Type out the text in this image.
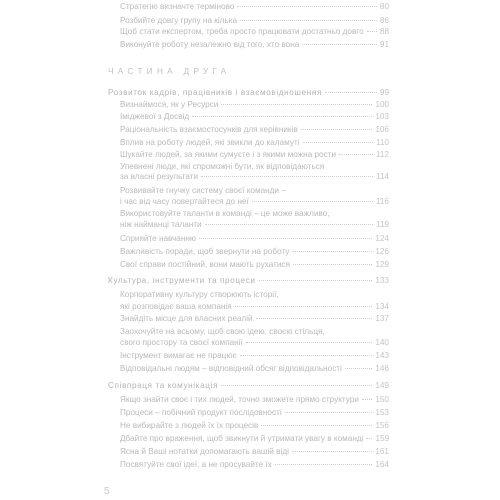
Стратегію визначте терміново	80
Розбийте довгу групу на кілька	86
Щоб стати експертом, треба просто працювати достатньо довго 88
Виконуйте роботу незалежно від того, хто вона	91
ЧАСТИНА ДРУГА
Розвиток кадрів, працівників і взаємовідношення	99
Визнаймося, як у Ресурси	100
Іміджевої з Досвід	103
Раціональність взаємостосунків для керівників	106
Вплив на роботу людей, які звикли до каламуті	110
Шукайте людей, за якими сумуєте і з якими можна рости	112
Упевнені люди, які спроможні бути, як відповідаються
за власні результати	114
Розвивайте гнучку систему своєї команди –
і час від часу повертайтеся до неї	116
Використовуйте таланти в команді – це може важливо,
ніж найманці таланти	119
Сприяйте навчанню	124
Важливість поради, щоб звернути на роботу	126
Свої справи постійний, вони мають рухатися	129
Культура, інструменти та процеси	133
Корпоративну культуру створюють історії,
які розповідає ваша компанія	134
Знайдіть місце для власних реалій	137
Заохочуйте на всьому, щоб свою ідею, своєю стільця,
свого простору та своєї компанії	140
Інструмент вимагає не працює	143
Відповідальні людям – відповідний обсяг відповідальності	146
Співпраця та комунікація	149
Якщо знайти своє і тих людей, точно зможете прямо структури 150
Процеси – побічний продукт послідовності	153
Не вибирайте з людей їх їх процесів	156
Дбайте про враження, щоб звикнути й утримати увагу в команді 159
Ясна й Ваші нотатки допомагають вашій віді	161
Посвятуйте свої ідеї, а не просувайте їх	164
5
